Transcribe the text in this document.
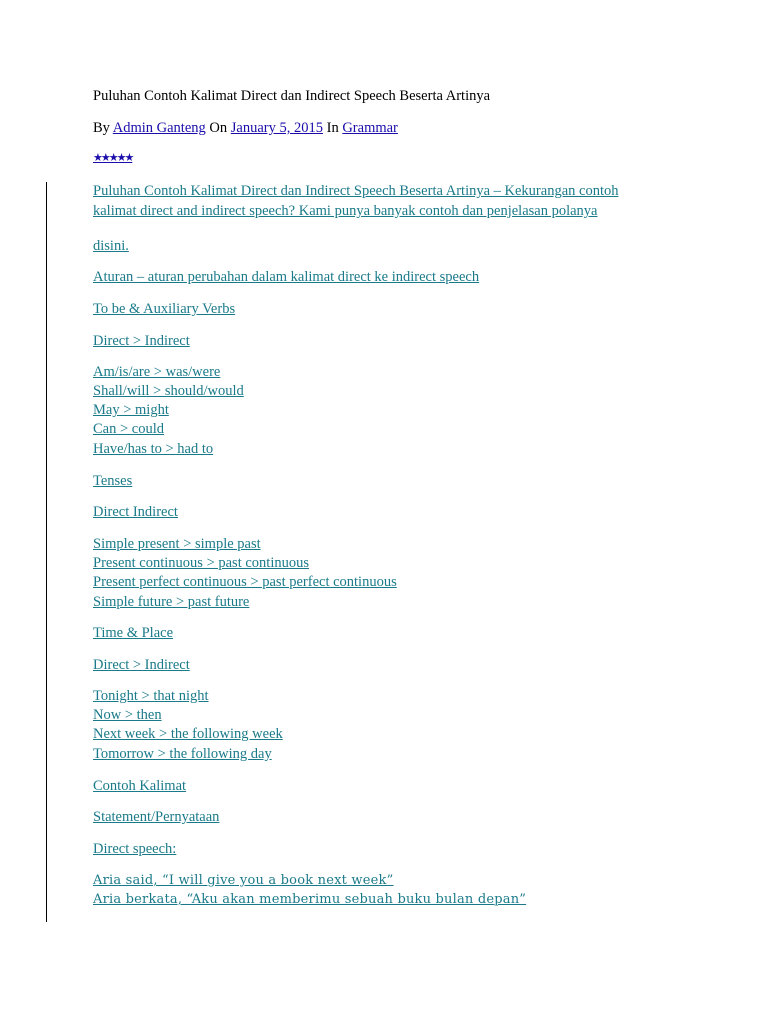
Puluhan Contoh Kalimat Direct dan Indirect Speech Beserta Artinya
By Admin Ganteng On January 5, 2015 In Grammar
★★★★★
Puluhan Contoh Kalimat Direct dan Indirect Speech Beserta Artinya – Kekurangan contoh
kalimat direct and indirect speech? Kami punya banyak contoh dan penjelasan polanya
disini.
Aturan – aturan perubahan dalam kalimat direct ke indirect speech
To be & Auxiliary Verbs
Direct > Indirect
Am/is/are > was/were
Shall/will > should/would
May > might
Can > could
Have/has to > had to
Tenses
Direct Indirect
Simple present > simple past
Present continuous > past continuous
Present perfect continuous > past perfect continuous
Simple future > past future
Time & Place
Direct > Indirect
Tonight > that night
Now > then
Next week > the following week
Tomorrow > the following day
Contoh Kalimat
Statement/Pernyataan
Direct speech:
Aria said, “I will give you a book next week”
Aria berkata, “Aku akan memberimu sebuah buku bulan depan”
